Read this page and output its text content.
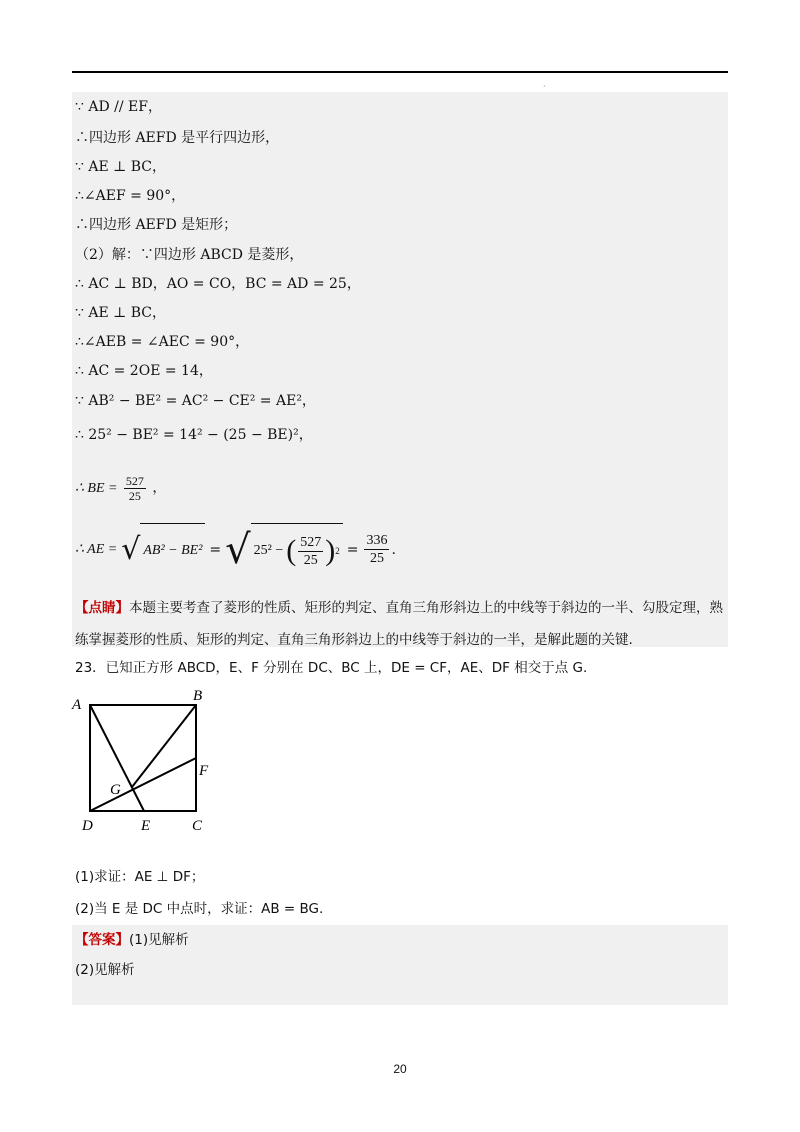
·
∵ AD // EF，
∴四边形 AEFD 是平行四边形，
∵ AE ⊥ BC，
∴∠AEF = 90°，
∴四边形 AEFD 是矩形；
（2）解：∵四边形 ABCD 是菱形，
∴ AC ⊥ BD，AO = CO，BC = AD = 25，
∵ AE ⊥ BC，
∴∠AEB = ∠AEC = 90°，
∴ AC = 2OE = 14，
∵ AB² − BE² = AC² − CE² = AE²，
∴ 25² − BE² = 14² − (25 − BE)²，
∴ BE = $\frac{527}{25}$ ，
∴ AE = √ AB² − BE² = √ 25² − ( $\frac{527}{25}$ ) $2 = \frac{336}{25}$ .
【点睛】本题主要考查了菱形的性质、矩形的判定、直角三角形斜边上的中线等于斜边的一半、勾股定理，熟练掌握菱形的性质、矩形的判定、直角三角形斜边上的中线等于斜边的一半，是解此题的关键.
23．已知正方形 ABCD，E、F 分别在 DC、BC 上，DE = CF，AE、DF 相交于点 G.
A
B
C
D	E
F
G
(1)求证：AE ⊥ DF；
(2)当 E 是 DC 中点时，求证：AB = BG.
【答案】(1)见解析
(2)见解析
20
